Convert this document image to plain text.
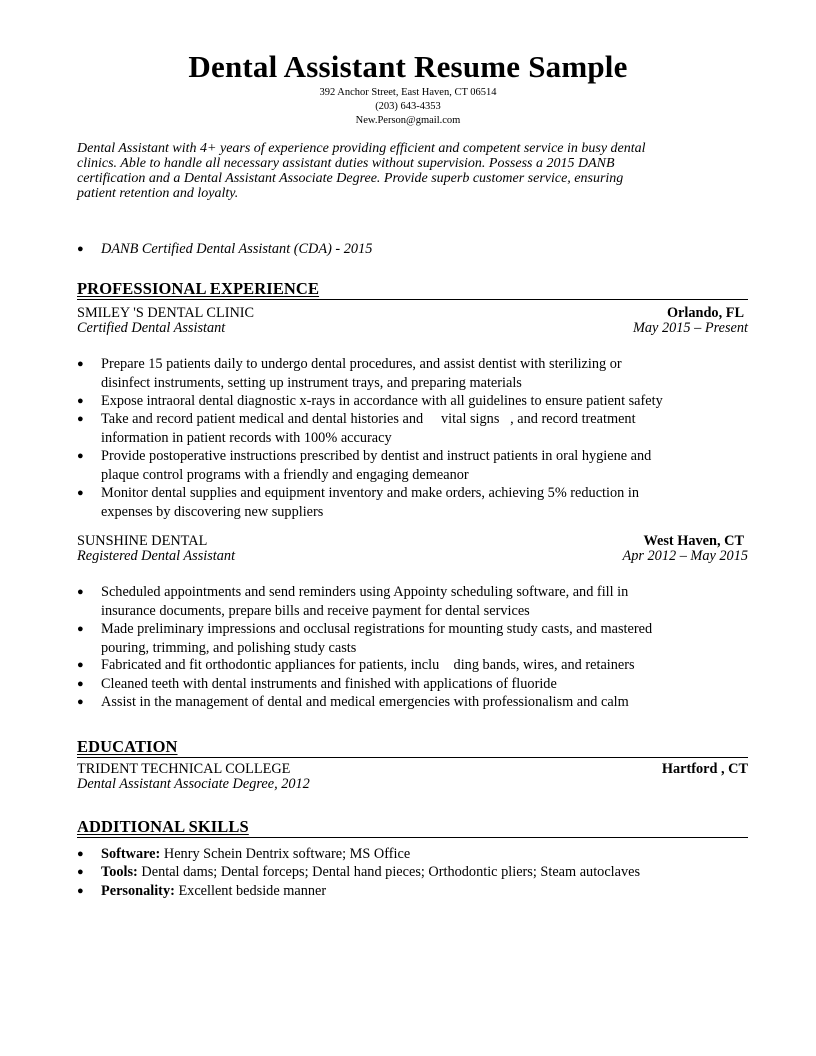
Dental Assistant Resume Sample
392 Anchor Street, East Haven, CT 06514
(203) 643-4353
New.Person@gmail.com
Dental Assistant with 4+ years of experience providing efficient and competent service in busy dental
clinics. Able to handle all necessary assistant duties without supervision. Possess a 2015 DANB
certification and a Dental Assistant Associate Degree. Provide superb customer service, ensuring
patient retention and loyalty.
●	DANB Certified Dental Assistant (CDA) - 2015
PROFESSIONAL EXPERIENCE
SMILEY 'S DENTAL CLINIC	Orlando, FL
Certified Dental Assistant	May 2015 – Present
●	Prepare 15 patients daily to undergo dental procedures, and assist dentist with sterilizing or
disinfect instruments, setting up instrument trays, and preparing materials
●	Expose intraoral dental diagnostic x-rays in accordance with all guidelines to ensure patient safety
●	Take and record patient medical and dental histories and     vital signs   , and record treatment
information in patient records with 100% accuracy
●	Provide postoperative instructions prescribed by dentist and instruct patients in oral hygiene and
plaque control programs with a friendly and engaging demeanor
●	Monitor dental supplies and equipment inventory and make orders, achieving 5% reduction in
expenses by discovering new suppliers
SUNSHINE DENTAL	West Haven, CT
Registered Dental Assistant	Apr 2012 – May 2015
●	Scheduled appointments and send reminders using Appointy scheduling software, and fill in
insurance documents, prepare bills and receive payment for dental services
●	Made preliminary impressions and occlusal registrations for mounting study casts, and mastered
pouring, trimming, and polishing study casts
●	Fabricated and fit orthodontic appliances for patients, inclu    ding bands, wires, and retainers
●	Cleaned teeth with dental instruments and finished with applications of fluoride
●	Assist in the management of dental and medical emergencies with professionalism and calm
EDUCATION
TRIDENT TECHNICAL COLLEGE	Hartford , CT
Dental Assistant Associate Degree, 2012
ADDITIONAL SKILLS
●	Software: Henry Schein Dentrix software; MS Office
●	Tools: Dental dams; Dental forceps; Dental hand pieces; Orthodontic pliers; Steam autoclaves
●	Personality: Excellent bedside manner
